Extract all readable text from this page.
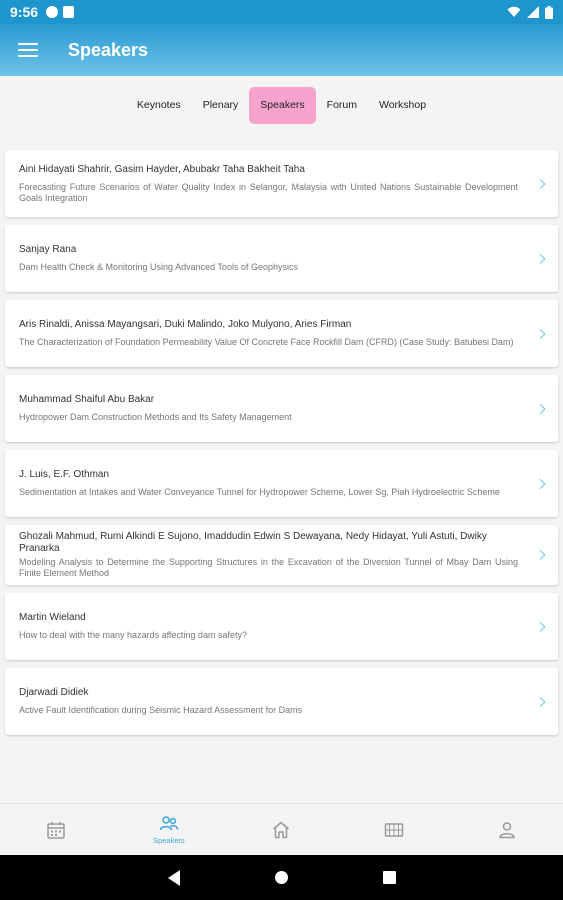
9:56
Speakers
Keynotes	Plenary	Speakers	Forum	Workshop
Aini Hidayati Shahrir, Gasim Hayder, Abubakr Taha Bakheit Taha
Forecasting Future Scenarios of Water Quality Index in Selangor, Malaysia with United Nations Sustainable Development Goals Integration
Sanjay Rana
Dam Health Check & Monitoring Using Advanced Tools of Geophysics
Aris Rinaldi, Anissa Mayangsari, Duki Malindo, Joko Mulyono, Aries Firman
The Characterization of Foundation Permeability Value Of Concrete Face Rockfill Dam (CFRD) (Case Study: Batubesi Dam)
Muhammad Shaiful Abu Bakar
Hydropower Dam Construction Methods and Its Safety Management
J. Luis, E.F. Othman
Sedimentation at Intakes and Water Conveyance Tunnel for Hydropower Scheme, Lower Sg. Piah Hydroelectric Scheme
Ghozali Mahmud, Rumi Alkindi E Sujono, Imaddudin Edwin S Dewayana, Nedy Hidayat, Yuli Astuti, Dwiky Pranarka
Modeling Analysis to Determine the Supporting Structures in the Excavation of the Diversion Tunnel of Mbay Dam Using Finite Element Method
Martin Wieland
How to deal with the many hazards affecting dam safety?
Djarwadi Didiek
Active Fault Identification during Seismic Hazard Assessment for Dams
Speakers
